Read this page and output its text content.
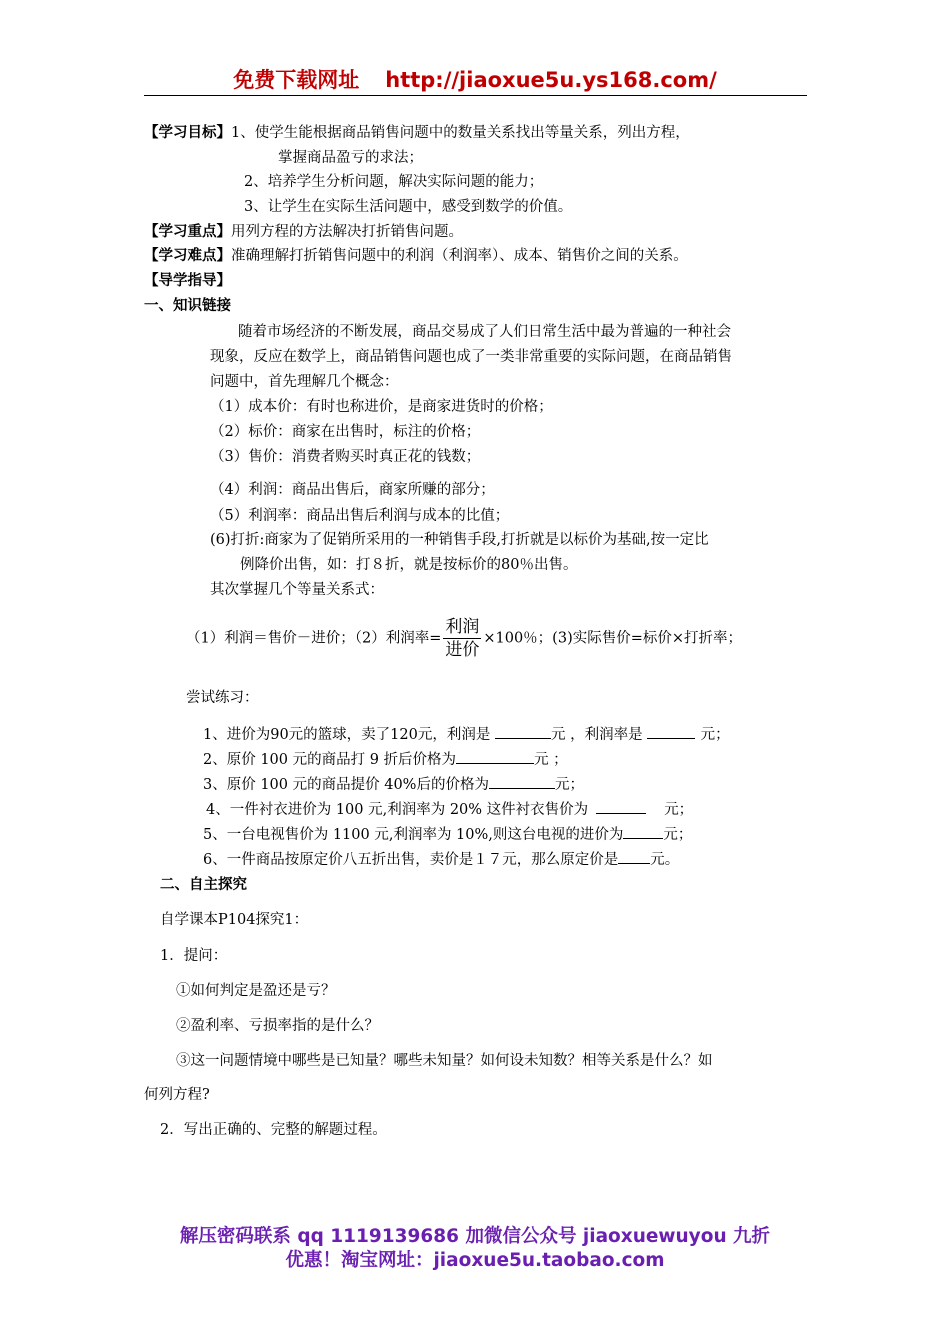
免费下载网址 http://jiaoxue5u.ys168.com/
【学习目标】1、使学生能根据商品销售问题中的数量关系找出等量关系，列出方程，
掌握商品盈亏的求法；
2、培养学生分析问题，解决实际问题的能力；
3、让学生在实际生活问题中，感受到数学的价值。
【学习重点】用列方程的方法解决打折销售问题。
【学习难点】准确理解打折销售问题中的利润（利润率）、成本、销售价之间的关系。
【导学指导】
一、知识链接
随着市场经济的不断发展，商品交易成了人们日常生活中最为普遍的一种社会
现象，反应在数学上，商品销售问题也成了一类非常重要的实际问题，在商品销售
问题中，首先理解几个概念：
（1）成本价：有时也称进价，是商家进货时的价格；
（2）标价：商家在出售时，标注的价格；
（3）售价：消费者购买时真正花的钱数；
（4）利润：商品出售后，商家所赚的部分；
（5）利润率：商品出售后利润与成本的比值；
(6)打折:商家为了促销所采用的一种销售手段,打折就是以标价为基础,按一定比
例降价出售，如：打８折，就是按标价的80％出售。
其次掌握几个等量关系式：
（1）利润＝售价－进价；（2）利润率= $\frac{\text{利润}}{\text{进价}} \times 100$％；(3)实际售价=标价×打折率；
尝试练习：
1、进价为90元的篮球，卖了120元，利润是	元 ，利润率是	元；
2、原价 100 元的商品打 9 折后价格为	元 ；
3、原价 100 元的商品提价 40%后的价格为	元；
4、一件衬衣进价为 100 元,利润率为 20% 这件衬衣售价为	元；
5、一台电视售价为 1100 元,利润率为 10%,则这台电视的进价为	元；
6、一件商品按原定价八五折出售，卖价是１７元，那么原定价是 元。
二、自主探究
自学课本P104探究1：
1．提问：
①如何判定是盈还是亏？
②盈利率、亏损率指的是什么？
③这一问题情境中哪些是已知量？哪些未知量？如何设未知数？相等关系是什么？如
何列方程?
2．写出正确的、完整的解题过程。
解压密码联系 qq 1119139686 加微信公众号 jiaoxuewuyou 九折
优惠！淘宝网址：jiaoxue5u.taobao.com
